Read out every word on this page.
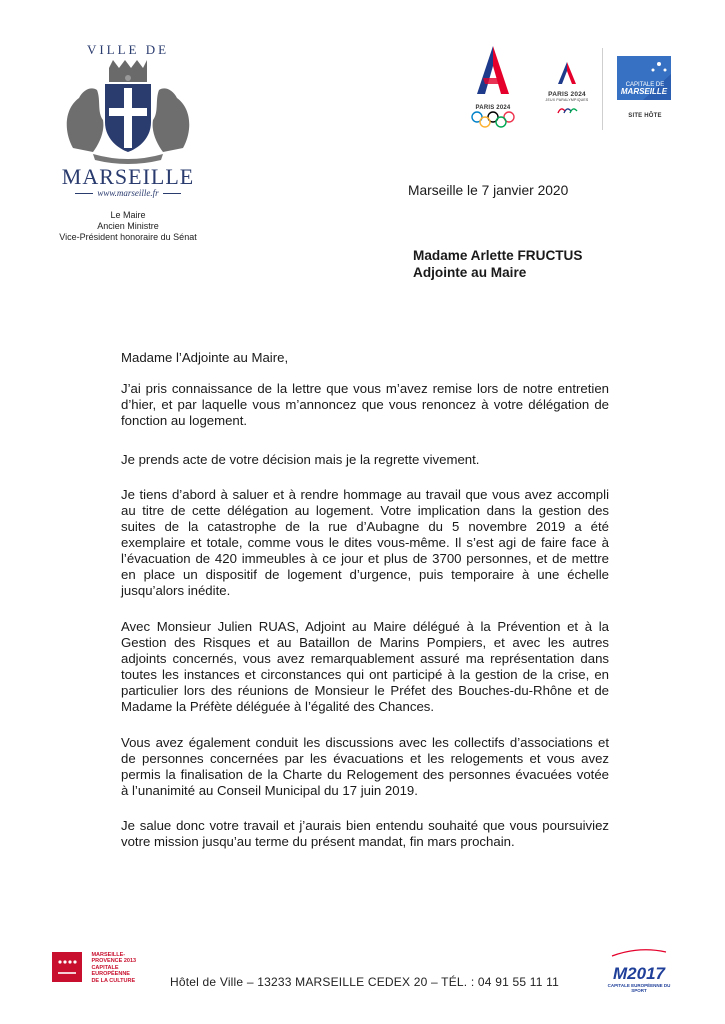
VILLE DE
MARSEILLE
www.marseille.fr
Le Maire
Ancien Ministre
Vice-Président honoraire du Sénat
PARIS 2024
PARIS 2024
JEUX PARALYMPIQUES
CAPITALE DE
MARSEILLE
SITE HÔTE
Marseille le 7 janvier 2020
Madame Arlette FRUCTUS
Adjointe au Maire
Madame l’Adjointe au Maire,
J’ai pris connaissance de la lettre que vous m’avez remise lors de notre entretien
d’hier, et par laquelle vous m’annoncez que vous renoncez à votre délégation de
fonction au logement.
Je prends acte de votre décision mais je la regrette vivement.
Je tiens d’abord à saluer et à rendre hommage au travail que vous avez accompli
au titre de cette délégation au logement. Votre implication dans la gestion des
suites de la catastrophe de la rue d’Aubagne du 5 novembre 2019 a été
exemplaire et totale, comme vous le dites vous-même. Il s’est agi de faire face à
l’évacuation de 420 immeubles à ce jour et plus de 3700 personnes, et de mettre
en place un dispositif de logement d’urgence, puis temporaire à une échelle
jusqu’alors inédite.
Avec Monsieur Julien RUAS, Adjoint au Maire délégué à la Prévention et à la
Gestion des Risques et au Bataillon de Marins Pompiers, et avec les autres
adjoints concernés, vous avez remarquablement assuré ma représentation dans
toutes les instances et circonstances qui ont participé à la gestion de la crise, en
particulier lors des réunions de Monsieur le Préfet des Bouches-du-Rhône et de
Madame la Préfète déléguée à l’égalité des Chances.
Vous avez également conduit les discussions avec les collectifs d’associations et
de personnes concernées par les évacuations et les relogements et vous avez
permis la finalisation de la Charte du Relogement des personnes évacuées votée
à l’unanimité au Conseil Municipal du 17 juin 2019.
Je salue donc votre travail et j’aurais bien entendu souhaité que vous poursuiviez
votre mission jusqu’au terme du présent mandat, fin mars prochain.

MARSEILLE-
PROVENCE 2013
CAPITALE
EUROPÉENNE
DE LA CULTURE	Hôtel de Ville – 13233 MARSEILLE CEDEX 20 – TÉL. : 04 91 55 11 11	M2017
CAPITALE EUROPÉENNE DU SPORT
